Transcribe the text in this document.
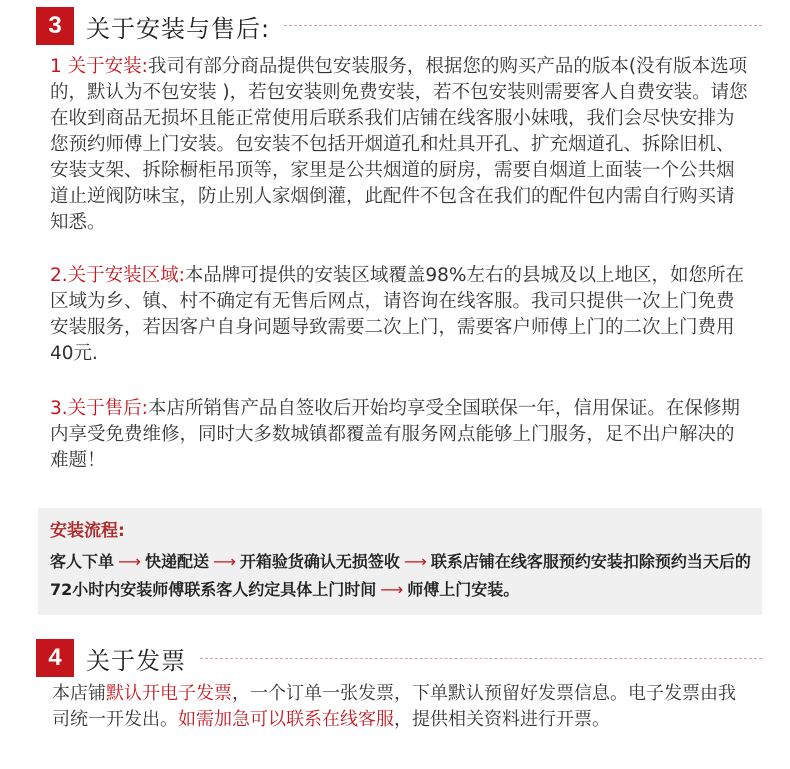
3	关于安装与售后:
1 关于安装:我司有部分商品提供包安装服务，根据您的购买产品的版本(没有版本选项的，默认为不包安装 )，若包安装则免费安装，若不包安装则需要客人自费安装。请您在收到商品无损坏且能正常使用后联系我们店铺在线客服小妹哦，我们会尽快安排为您预约师傅上门安装。包安装不包括开烟道孔和灶具开孔、扩充烟道孔、拆除旧机、安装支架、拆除橱柜吊顶等，家里是公共烟道的厨房，需要自烟道上面装一个公共烟道止逆阀防味宝，防止别人家烟倒灌，此配件不包含在我们的配件包内需自行购买请知悉。
2.关于安装区域:本品牌可提供的安装区域覆盖98%左右的县城及以上地区，如您所在区域为乡、镇、村不确定有无售后网点，请咨询在线客服。我司只提供一次上门免费安装服务，若因客户自身问题导致需要二次上门，需要客户师傅上门的二次上门费用40元.
3.关于售后:本店所销售产品自签收后开始均享受全国联保一年，信用保证。在保修期内享受免费维修，同时大多数城镇都覆盖有服务网点能够上门服务，足不出户解决的难题！
安装流程:
客人下单 ⟶ 快递配送 ⟶ 开箱验货确认无损签收 ⟶ 联系店铺在线客服预约安装扣除预约当天后的72小时内安装师傅联系客人约定具体上门时间 ⟶ 师傅上门安装。
4	关于发票
本店铺默认开电子发票，一个订单一张发票，下单默认预留好发票信息。电子发票由我司统一开发出。如需加急可以联系在线客服，提供相关资料进行开票。
